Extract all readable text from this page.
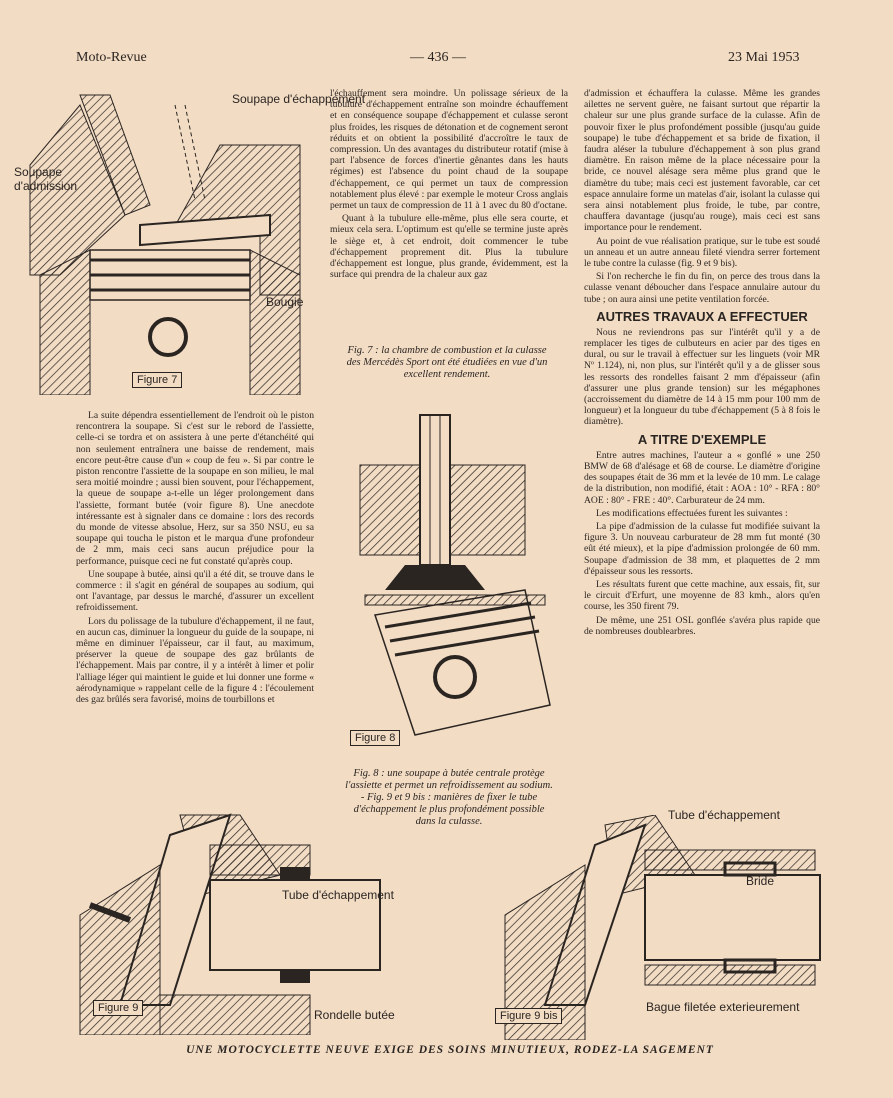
Moto-Revue	— 436 —	23 Mai 1953
Soupape d'échappement
Soupape d'admission
Bougie
Figure 7

La suite dépendra essentiellement de l'endroit où le piston rencontrera la soupape. Si c'est sur le rebord de l'assiette, celle-ci se tordra et on assistera à une perte d'étanchéité qui non seulement entraînera une baisse de rendement, mais encore peut-être cause d'un « coup de feu ». Si par contre le piston rencontre l'assiette de la soupape en son milieu, le mal sera moitié moindre ; aussi bien souvent, pour l'échappement, la queue de soupape a-t-elle un léger prolongement dans l'assiette, formant butée (voir figure 8). Une anecdote intéressante est à signaler dans ce domaine : lors des records du monde de vitesse absolue, Herz, sur sa 350 NSU, eu sa soupape qui toucha le piston et le marqua d'une profondeur de 2 mm, mais ceci sans aucun préjudice pour la performance, puisque ceci ne fut constaté qu'après coup.

Une soupape à butée, ainsi qu'il a été dit, se trouve dans le commerce : il s'agit en général de soupapes au sodium, qui ont l'avantage, par dessus le marché, d'assurer un excellent refroidissement.

Lors du polissage de la tubulure d'échappement, il ne faut, en aucun cas, diminuer la longueur du guide de la soupape, ni même en diminuer l'épaisseur, car il faut, au maximum, préserver la queue de soupape des gaz brûlants de l'échappement. Mais par contre, il y a intérêt à limer et polir l'alliage léger qui maintient le guide et lui donner une forme « aérodynamique » rappelant celle de la figure 4 : l'écoulement des gaz brûlés sera favorisé, moins de tourbillons et

l'échauffement sera moindre. Un polissage sérieux de la tubulure d'échappement entraîne son moindre échauffement et en conséquence soupape d'échappement et culasse seront plus froides, les risques de détonation et de cognement seront réduits et on obtient la possibilité d'accroître le taux de compression. Un des avantages du distributeur rotatif (mise à part l'absence de forces d'inertie gênantes dans les hauts régimes) est l'absence du point chaud de la soupape d'échappement, ce qui permet un taux de compression notablement plus élevé : par exemple le moteur Cross anglais permet un taux de compression de 11 à 1 avec du 80 d'octane.

Quant à la tubulure elle-même, plus elle sera courte, et mieux cela sera. L'optimum est qu'elle se termine juste après le siège et, à cet endroit, doit commencer le tube d'échappement proprement dit. Plus la tubulure d'échappement est longue, plus grande, évidemment, est la surface qui prendra de la chaleur aux gaz

Fig. 7 : la chambre de combustion et la culasse des Mercédès Sport ont été étudiées en vue d'un excellent rendement.
Figure 8
Fig. 8 : une soupape à butée centrale protège l'assiette et permet un refroidissement au sodium. - Fig. 9 et 9 bis : manières de fixer le tube d'échappement le plus profondément possible dans la culasse.

d'admission et échauffera la culasse. Même les grandes ailettes ne servent guère, ne faisant surtout que répartir la chaleur sur une plus grande surface de la culasse. Afin de pouvoir fixer le plus profondément possible (jusqu'au guide soupape) le tube d'échappement et sa bride de fixation, il faudra aléser la tubulure d'échappement à son plus grand diamètre. En raison même de la place nécessaire pour la bride, ce nouvel alésage sera même plus grand que le diamètre du tube; mais ceci est justement favorable, car cet espace annulaire forme un matelas d'air, isolant la culasse qui sera ainsi notablement plus froide, le tube, par contre, chauffera davantage (jusqu'au rouge), mais ceci est sans importance pour le rendement.

Au point de vue réalisation pratique, sur le tube est soudé un anneau et un autre anneau fileté viendra serrer fortement le tube contre la culasse (fig. 9 et 9 bis).

Si l'on recherche le fin du fin, on perce des trous dans la culasse venant déboucher dans l'espace annulaire autour du tube ; on aura ainsi une petite ventilation forcée.

AUTRES TRAVAUX A EFFECTUER

Nous ne reviendrons pas sur l'intérêt qu'il y a de remplacer les tiges de culbuteurs en acier par des tiges en dural, ou sur le travail à effectuer sur les linguets (voir MR Nº 1.124), ni, non plus, sur l'intérêt qu'il y a de glisser sous les ressorts des rondelles faisant 2 mm d'épaisseur (afin d'assurer une plus grande tension) sur les mégaphones (accroissement du diamètre de 14 à 15 mm pour 100 mm de longueur) et la longueur du tube d'échappement (5 à 8 fois le diamètre).

A TITRE D'EXEMPLE

Entre autres machines, l'auteur a « gonflé » une 250 BMW de 68 d'alésage et 68 de course. Le diamètre d'origine des soupapes était de 36 mm et la levée de 10 mm. Le calage de la distribution, non modifié, était : AOA : 10° - RFA : 80° AOE : 80° - FRE : 40°. Carburateur de 24 mm.

Les modifications effectuées furent les suivantes :

La pipe d'admission de la culasse fut modifiée suivant la figure 3. Un nouveau carburateur de 28 mm fut monté (30 eût été mieux), et la pipe d'admission prolongée de 60 mm. Soupape d'admission de 38 mm, et plaquettes de 2 mm d'épaisseur sous les ressorts.

Les résultats furent que cette machine, aux essais, fit, sur le circuit d'Erfurt, une moyenne de 83 kmh., alors qu'en course, les 350 firent 79.

De même, une 251 OSL gonflée s'avéra plus rapide que de nombreuses doublearbres.

Tube d'échappement
Rondelle butée
Figure 9
Tube d'échappement
Bride
Bague filetée exterieurement
Figure 9 bis
UNE MOTOCYCLETTE NEUVE EXIGE DES SOINS MINUTIEUX, RODEZ-LA SAGEMENT
